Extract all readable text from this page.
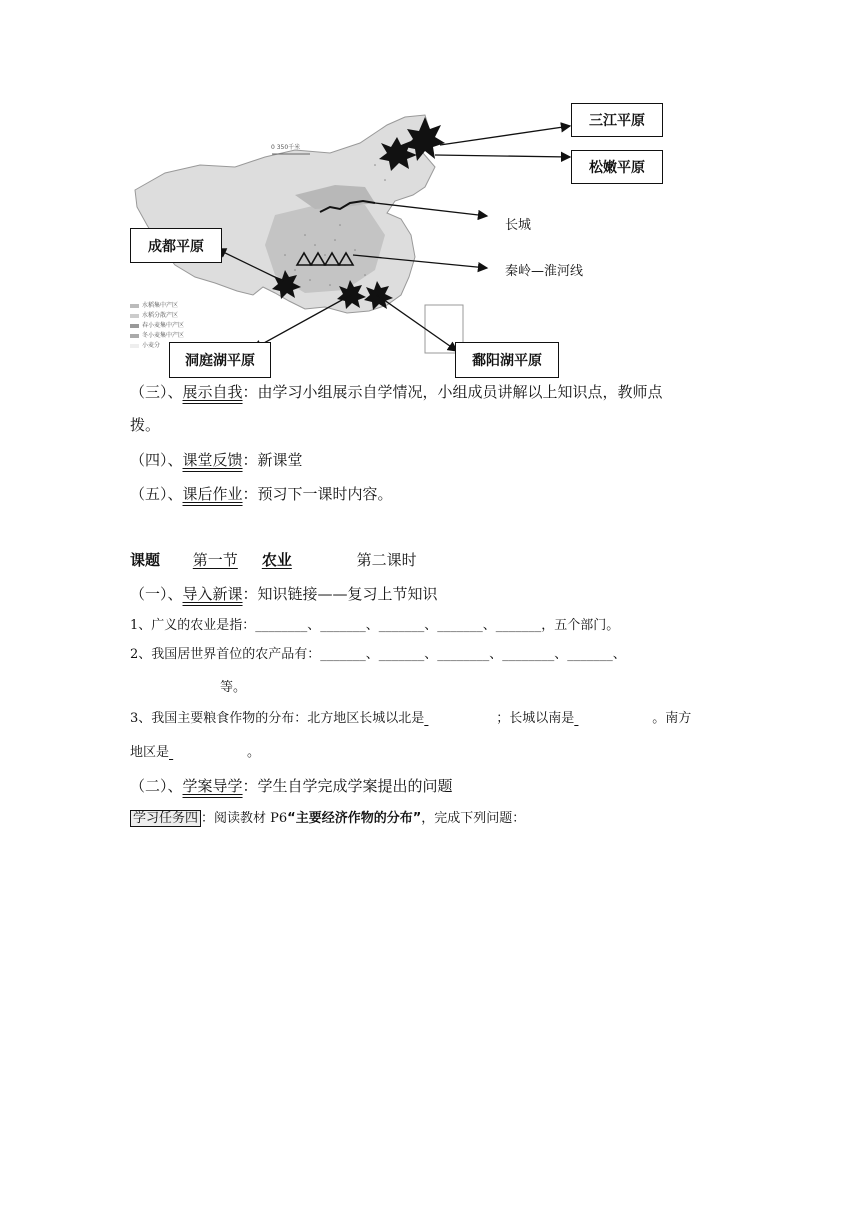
0 350千米
水稻集中产区
水稻分散产区
春小麦集中产区
冬小麦集中产区
小麦分
三江平原
松嫩平原
长城
成都平原
秦岭—淮河线
洞庭湖平原	鄱阳湖平原
（三）、展示自我：由学习小组展示自学情况，小组成员讲解以上知识点，教师点
拨。
（四）、课堂反馈：新课堂
（五）、课后作业：预习下一课时内容。
课题 第一节 农业	第二课时
（一）、导入新课：知识链接——复习上节知识
1、广义的农业是指：________、_______、_______、_______、_______，五个部门。
2、我国居世界首位的农产品有：_______、_______、________、________、_______、
等。
3、我国主要粮食作物的分布：北方地区长城以北是	；长城以南是	。南方
地区是	。
（二）、学案导学：学生自学完成学案提出的问题
学习任务四 ：阅读教材 P6“主要经济作物的分布”，完成下列问题：
